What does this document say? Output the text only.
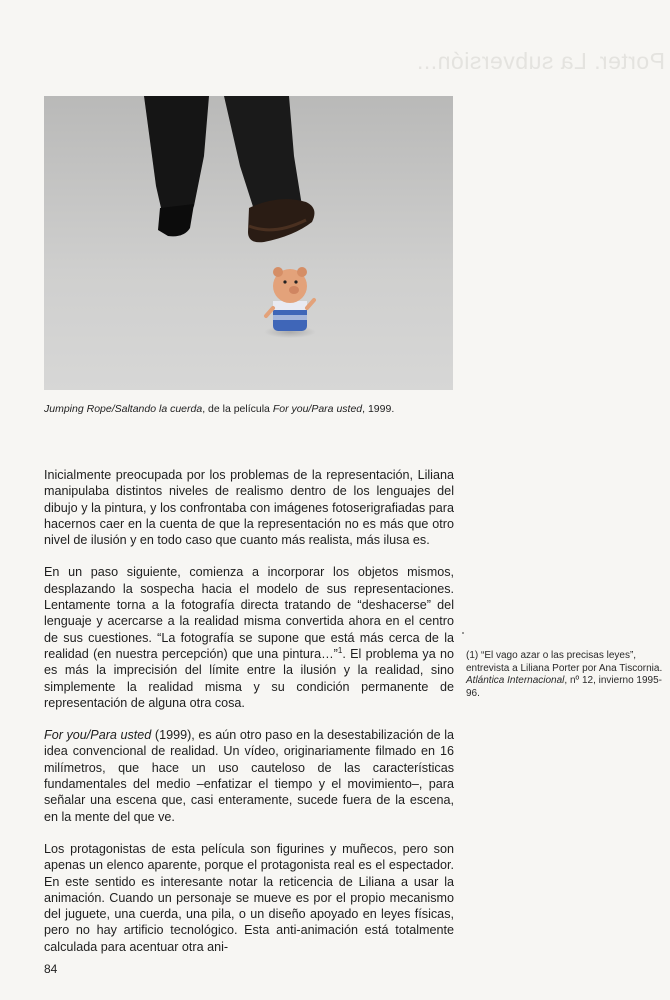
Porter. La subversión...
Jumping Rope/Saltando la cuerda, de la película For you/Para usted, 1999.

Inicialmente preocupada por los problemas de la representación, Liliana manipulaba distintos niveles de realismo dentro de los lenguajes del dibujo y la pintura, y los confrontaba con imágenes fotoserigrafiadas para hacernos caer en la cuenta de que la representación no es más que otro nivel de ilusión y en todo caso que cuanto más realista, más ilusa es.

En un paso siguiente, comienza a incorporar los objetos mismos, desplazando la sospecha hacia el modelo de sus representaciones. Lentamente torna a la fotografía directa tratando de “deshacerse” del lenguaje y acercarse a la realidad misma convertida ahora en el centro de sus cuestiones. “La fotografía se supone que está más cerca de la realidad (en nuestra percepción) que una pintura…”$^1$. El problema ya no es más la imprecisión del límite entre la ilusión y la realidad, sino simplemente la realidad misma y su condición permanente de representación de alguna otra cosa.

For you/Para usted (1999), es aún otro paso en la desestabilización de la idea convencional de realidad. Un vídeo, originariamente filmado en 16 milímetros, que hace un uso cauteloso de las características fundamentales del medio –enfatizar el tiempo y el movimiento–, para señalar una escena que, casi enteramente, sucede fuera de la escena, en la mente del que ve.

Los protagonistas de esta película son figurines y muñecos, pero son apenas un elenco aparente, porque el protagonista real es el espectador. En este sentido es interesante notar la reticencia de Liliana a usar la animación. Cuando un personaje se mueve es por el propio mecanismo del juguete, una cuerda, una pila, o un diseño apoyado en leyes físicas, pero no hay artificio tecnológico. Esta anti-animación está totalmente calculada para acentuar otra ani-

(1) “El vago azar o las precisas leyes”, entrevista a Liliana Porter por Ana Tiscornia. Atlántica Internacional, nº 12, invierno 1995-96.
84
